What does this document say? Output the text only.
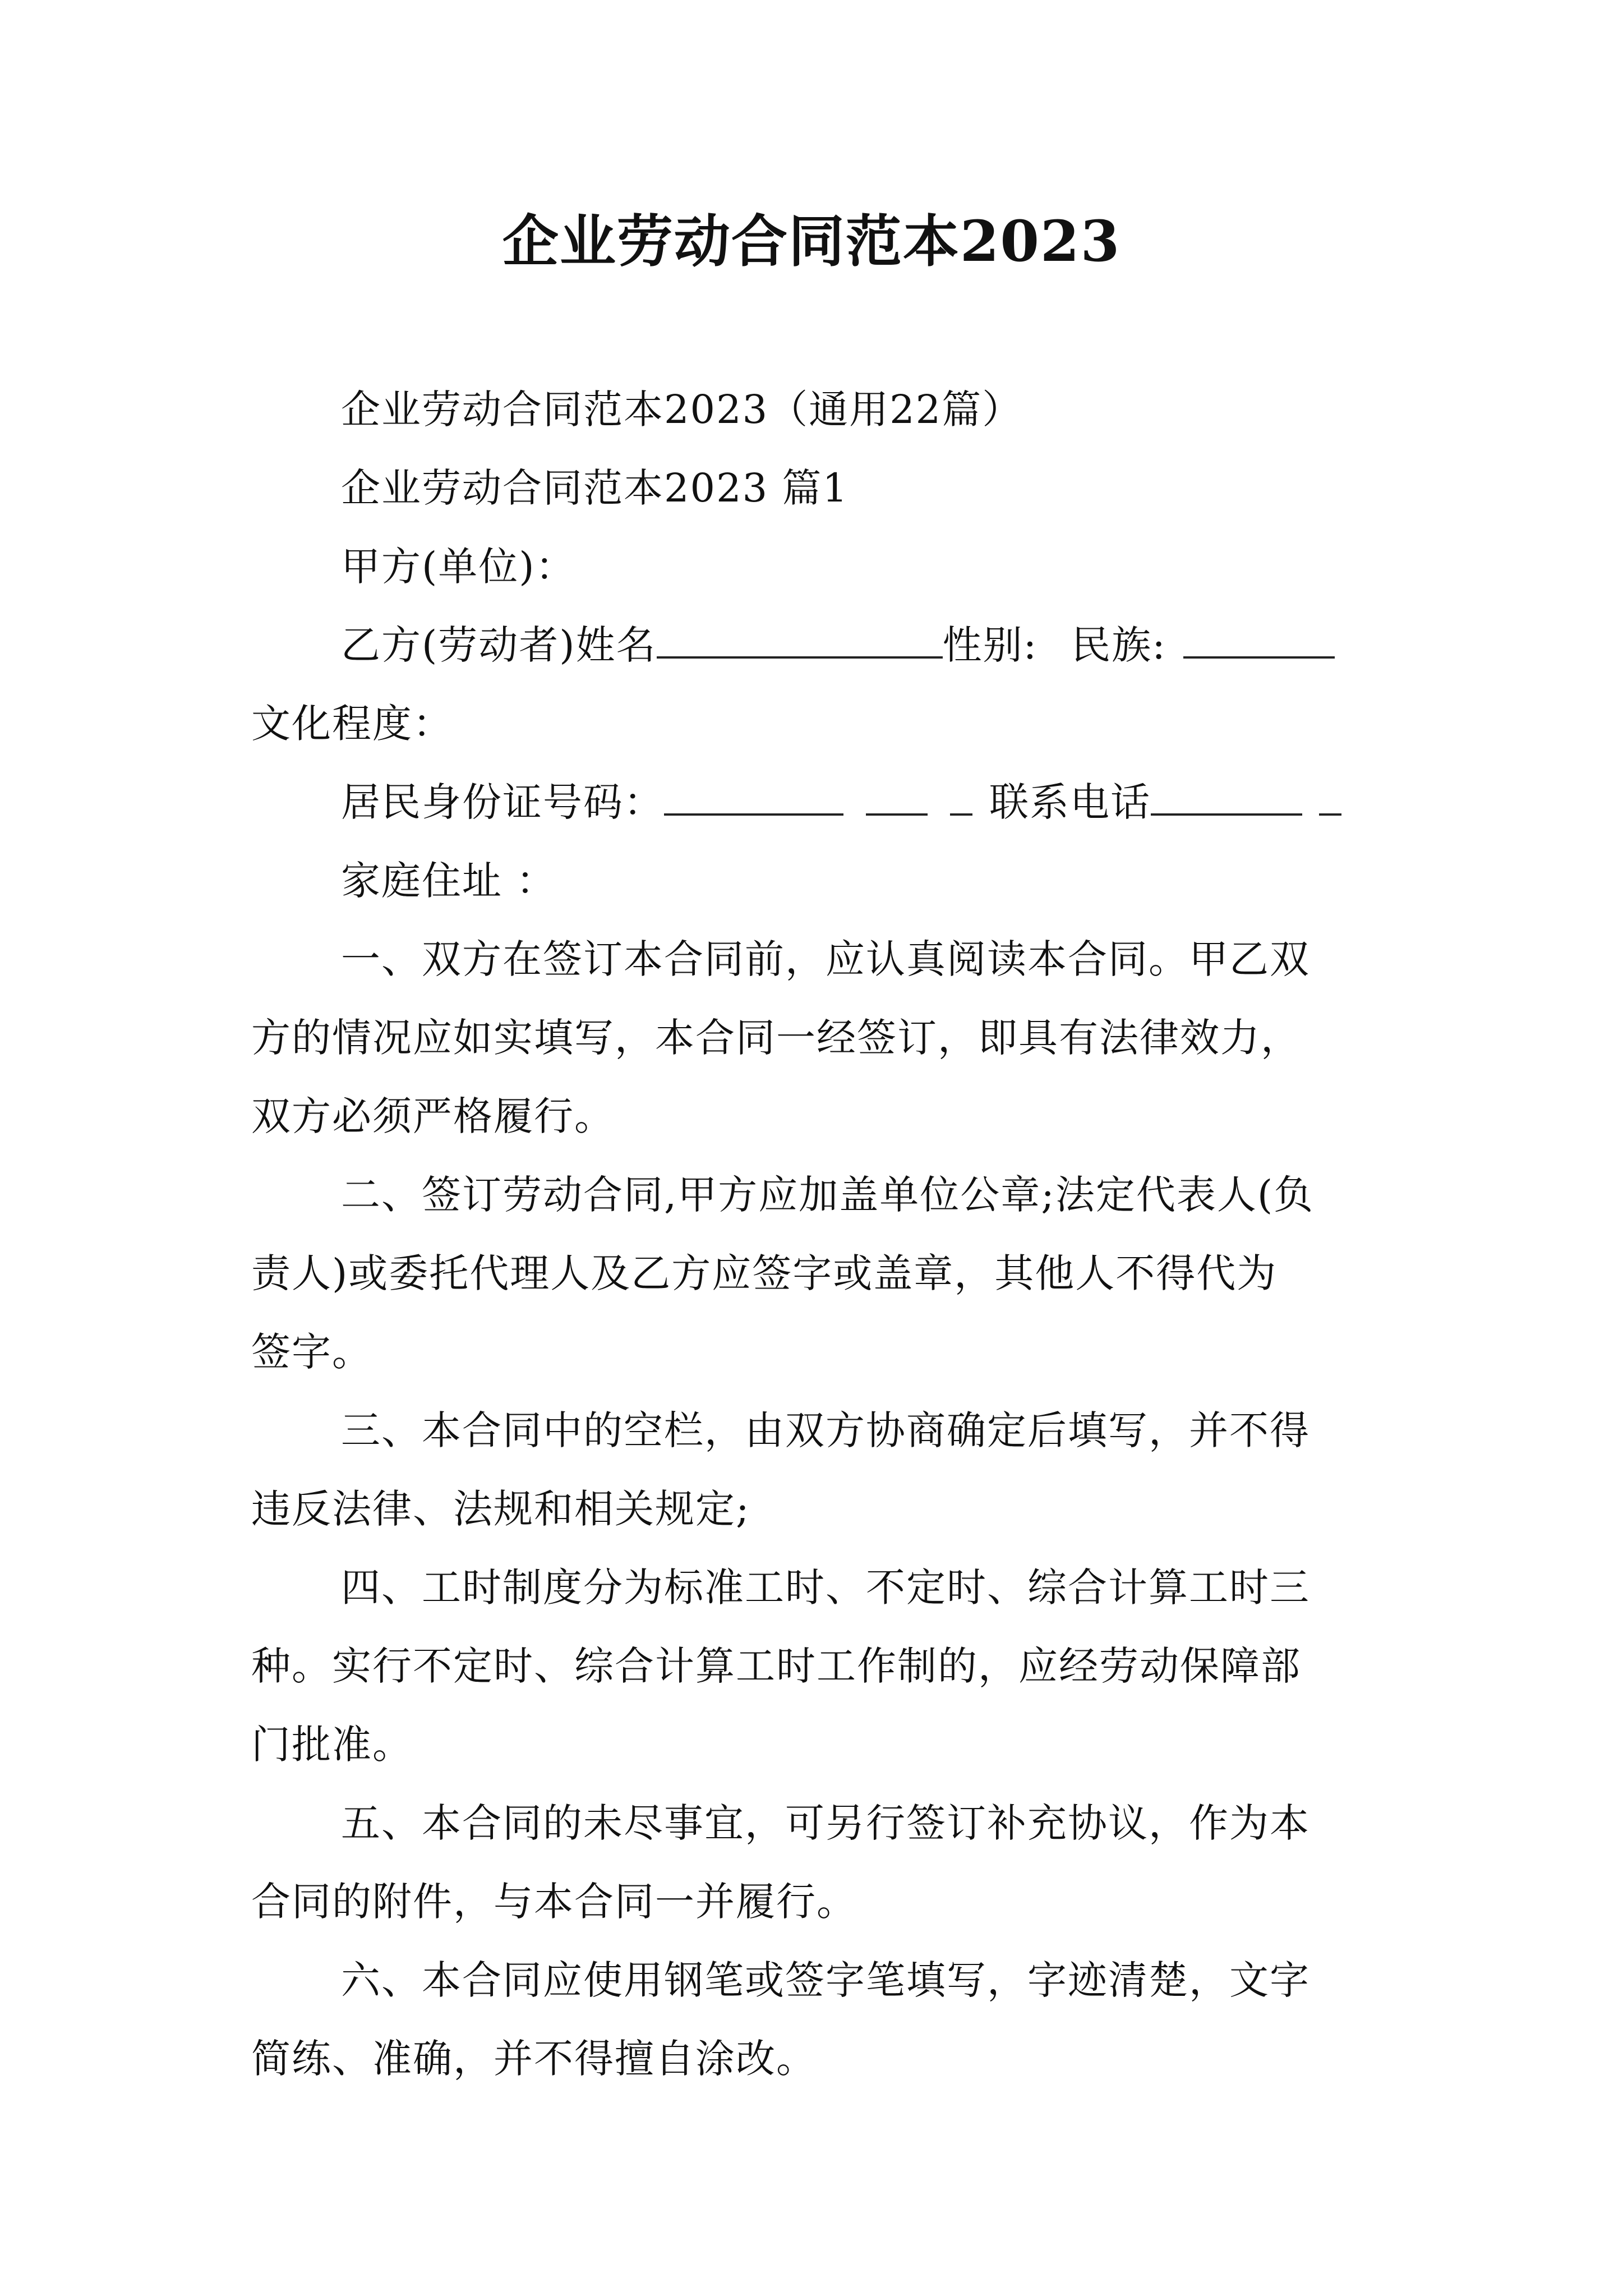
企业劳动合同范本2023
企业劳动合同范本2023（通用22篇）
企业劳动合同范本2023 篇1
甲方(单位)：
乙方(劳动者)姓名	性别: 民族:
文化程度：
居民身份证号码：	联系电话
家庭住址 ：
一、双方在签订本合同前，应认真阅读本合同。甲乙双
方的情况应如实填写，本合同一经签订，即具有法律效力，
双方必须严格履行。
二、签订劳动合同,甲方应加盖单位公章;法定代表人(负
责人)或委托代理人及乙方应签字或盖章，其他人不得代为
签字。
三、本合同中的空栏，由双方协商确定后填写，并不得
违反法律、法规和相关规定;
四、工时制度分为标准工时、不定时、综合计算工时三
种。实行不定时、综合计算工时工作制的，应经劳动保障部
门批准。
五、本合同的未尽事宜，可另行签订补充协议，作为本
合同的附件，与本合同一并履行。
六、本合同应使用钢笔或签字笔填写，字迹清楚，文字
简练、准确，并不得擅自涂改。
